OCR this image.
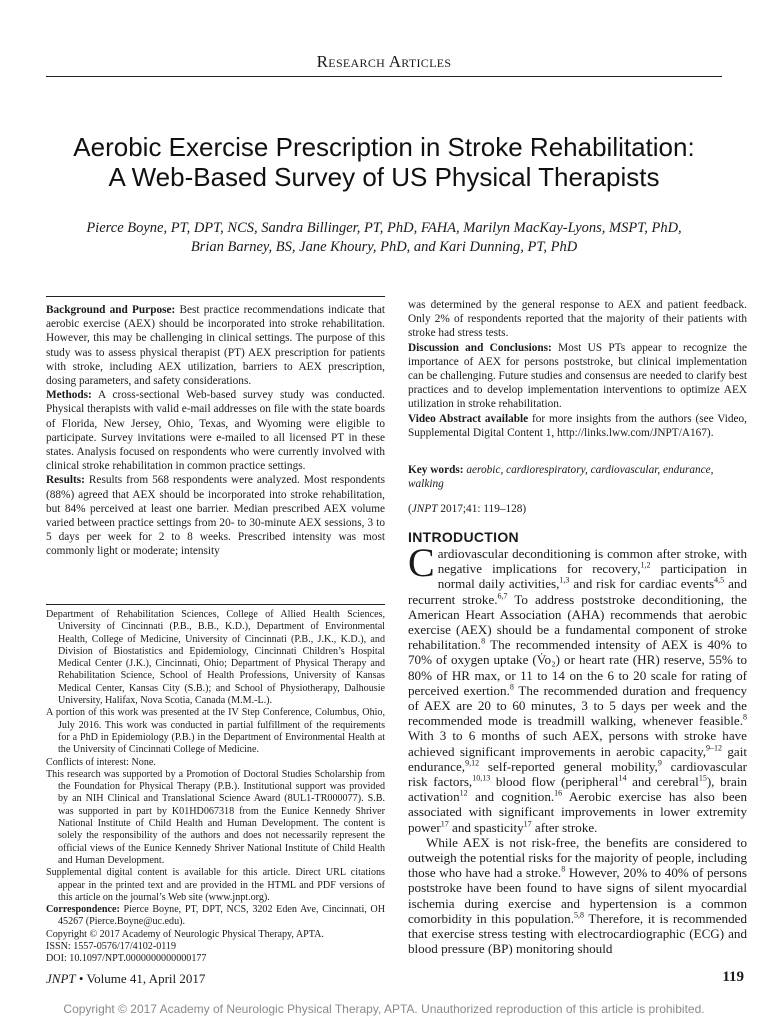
Research Articles
Aerobic Exercise Prescription in Stroke Rehabilitation:
A Web-Based Survey of US Physical Therapists
Pierce Boyne, PT, DPT, NCS, Sandra Billinger, PT, PhD, FAHA, Marilyn MacKay-Lyons, MSPT, PhD,
Brian Barney, BS, Jane Khoury, PhD, and Kari Dunning, PT, PhD

Background and Purpose: Best practice recommendations indicate that aerobic exercise (AEX) should be incorporated into stroke rehabilitation. However, this may be challenging in clinical settings. The purpose of this study was to assess physical therapist (PT) AEX prescription for patients with stroke, including AEX utilization, barriers to AEX prescription, dosing parameters, and safety considerations.

Methods: A cross-sectional Web-based survey study was conducted. Physical therapists with valid e-mail addresses on file with the state boards of Florida, New Jersey, Ohio, Texas, and Wyoming were eligible to participate. Survey invitations were e-mailed to all licensed PT in these states. Analysis focused on respondents who were currently involved with clinical stroke rehabilitation in common practice settings.

Results: Results from 568 respondents were analyzed. Most respondents (88%) agreed that AEX should be incorporated into stroke rehabilitation, but 84% perceived at least one barrier. Median prescribed AEX volume varied between practice settings from 20- to 30-minute AEX sessions, 3 to 5 days per week for 2 to 8 weeks. Prescribed intensity was most commonly light or moderate; intensity

was determined by the general response to AEX and patient feedback. Only 2% of respondents reported that the majority of their patients with stroke had stress tests.

Discussion and Conclusions: Most US PTs appear to recognize the importance of AEX for persons poststroke, but clinical implementation can be challenging. Future studies and consensus are needed to clarify best practices and to develop implementation interventions to optimize AEX utilization in stroke rehabilitation.

Video Abstract available for more insights from the authors (see Video, Supplemental Digital Content 1, http://links.lww.com/JNPT/A167).

Key words: aerobic, cardiorespiratory, cardiovascular, endurance, walking
(JNPT 2017;41: 119–128)
INTRODUCTION

Cardiovascular deconditioning is common after stroke, with negative implications for recovery,$^{1,2}$ participation in normal daily activities,$^{1,3}$ and risk for cardiac events$^{4,5}$ and recurrent stroke.$^{6,7}$ To address poststroke deconditioning, the American Heart Association (AHA) recommends that aerobic exercise (AEX) should be a fundamental component of stroke rehabilitation.$^8$ The recommended intensity of AEX is 40% to 70% of oxygen uptake (V̇o₂) or heart rate (HR) reserve, 55% to 80% of HR max, or 11 to 14 on the 6 to 20 scale for rating of perceived exertion.$^8$ The recommended duration and frequency of AEX are 20 to 60 minutes, 3 to 5 days per week and the recommended mode is treadmill walking, whenever feasible.$^8$ With 3 to 6 months of such AEX, persons with stroke have achieved significant improvements in aerobic capacity,$^{9-12}$ gait endurance,$^{9,12}$ self-reported general mobility,$^9$ cardiovascular risk factors,$^{10,13}$ blood flow (peripheral$^{14}$ and cerebral$^{15}$), brain activation$^{12}$ and cognition.$^{16}$ Aerobic exercise has also been associated with significant improvements in lower extremity power$^{17}$ and spasticity$^{17}$ after stroke.

While AEX is not risk-free, the benefits are considered to outweigh the potential risks for the majority of people, including those who have had a stroke.$^8$ However, 20% to 40% of persons poststroke have been found to have signs of silent myocardial ischemia during exercise and hypertension is a common comorbidity in this population.$^{5,8}$ Therefore, it is recommended that exercise stress testing with electrocardiographic (ECG) and blood pressure (BP) monitoring should

Department of Rehabilitation Sciences, College of Allied Health Sciences, University of Cincinnati (P.B., B.B., K.D.), Department of Environmental Health, College of Medicine, University of Cincinnati (P.B., J.K., K.D.), and Division of Biostatistics and Epidemiology, Cincinnati Children’s Hospital Medical Center (J.K.), Cincinnati, Ohio; Department of Physical Therapy and Rehabilitation Science, School of Health Professions, University of Kansas Medical Center, Kansas City (S.B.); and School of Physiotherapy, Dalhousie University, Halifax, Nova Scotia, Canada (M.M.-L.).

A portion of this work was presented at the IV Step Conference, Columbus, Ohio, July 2016. This work was conducted in partial fulfillment of the requirements for a PhD in Epidemiology (P.B.) in the Department of Environmental Health at the University of Cincinnati College of Medicine.

Conflicts of interest: None.

This research was supported by a Promotion of Doctoral Studies Scholarship from the Foundation for Physical Therapy (P.B.). Institutional support was provided by an NIH Clinical and Translational Science Award (8UL1-TR000077). S.B. was supported in part by K01HD067318 from the Eunice Kennedy Shriver National Institute of Child Health and Human Development. The content is solely the responsibility of the authors and does not necessarily represent the official views of the Eunice Kennedy Shriver National Institute of Child Health and Human Development.

Supplemental digital content is available for this article. Direct URL citations appear in the printed text and are provided in the HTML and PDF versions of this article on the journal’s Web site (www.jnpt.org).

Correspondence: Pierce Boyne, PT, DPT, NCS, 3202 Eden Ave, Cincinnati, OH 45267 (Pierce.Boyne@uc.edu).

Copyright © 2017 Academy of Neurologic Physical Therapy, APTA.

ISSN: 1557-0576/17/4102-0119

DOI: 10.1097/NPT.0000000000000177

JNPT • Volume 41, April 2017	119
Copyright © 2017 Academy of Neurologic Physical Therapy, APTA. Unauthorized reproduction of this article is prohibited.
